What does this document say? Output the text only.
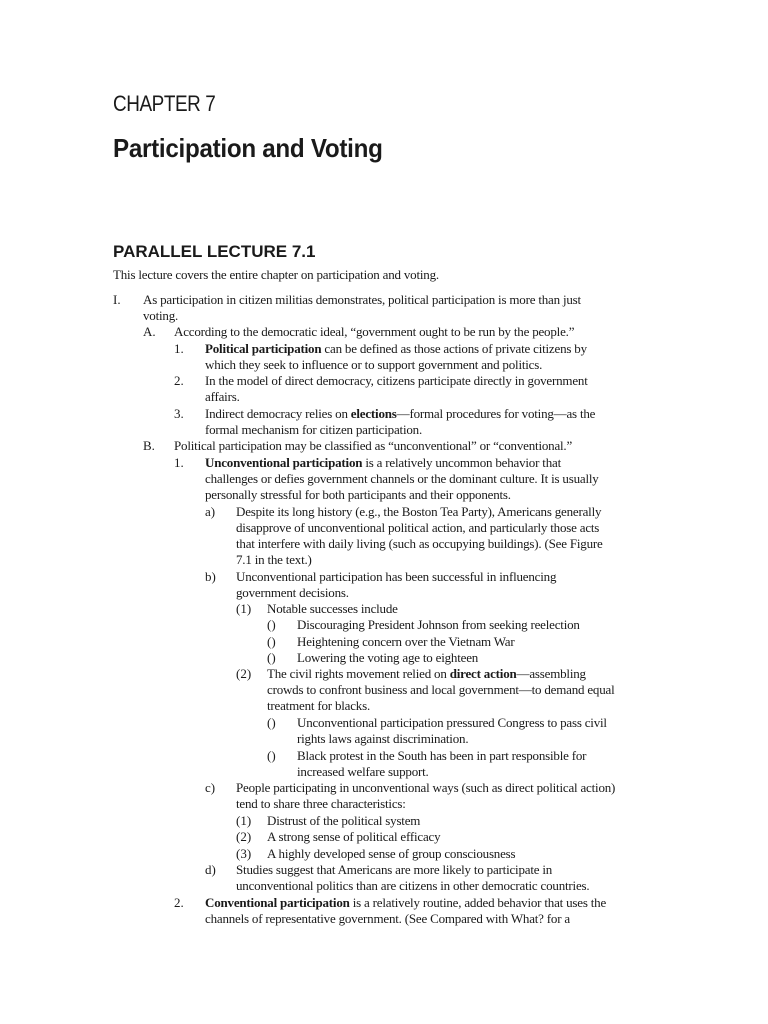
CHAPTER 7
Participation and Voting
PARALLEL LECTURE 7.1
This lecture covers the entire chapter on participation and voting.
I. As participation in citizen militias demonstrates, political participation is more than just
voting.
A. According to the democratic ideal, “government ought to be run by the people.”
1. Political participation can be defined as those actions of private citizens by
which they seek to influence or to support government and politics.
2. In the model of direct democracy, citizens participate directly in government
affairs.
3. Indirect democracy relies on elections—formal procedures for voting—as the
formal mechanism for citizen participation.
B. Political participation may be classified as “unconventional” or “conventional.”
1. Unconventional participation is a relatively uncommon behavior that
challenges or defies government channels or the dominant culture. It is usually
personally stressful for both participants and their opponents.
a) Despite its long history (e.g., the Boston Tea Party), Americans generally
disapprove of unconventional political action, and particularly those acts
that interfere with daily living (such as occupying buildings). (See Figure
7.1 in the text.)
b) Unconventional participation has been successful in influencing
government decisions.
(1) Notable successes include
() Discouraging President Johnson from seeking reelection
() Heightening concern over the Vietnam War
() Lowering the voting age to eighteen
(2) The civil rights movement relied on direct action—assembling
crowds to confront business and local government—to demand equal
treatment for blacks.
() Unconventional participation pressured Congress to pass civil
rights laws against discrimination.
() Black protest in the South has been in part responsible for
increased welfare support.
c) People participating in unconventional ways (such as direct political action)
tend to share three characteristics:
(1) Distrust of the political system
(2) A strong sense of political efficacy
(3) A highly developed sense of group consciousness
d) Studies suggest that Americans are more likely to participate in
unconventional politics than are citizens in other democratic countries.
2. Conventional participation is a relatively routine, added behavior that uses the
channels of representative government. (See Compared with What? for a
